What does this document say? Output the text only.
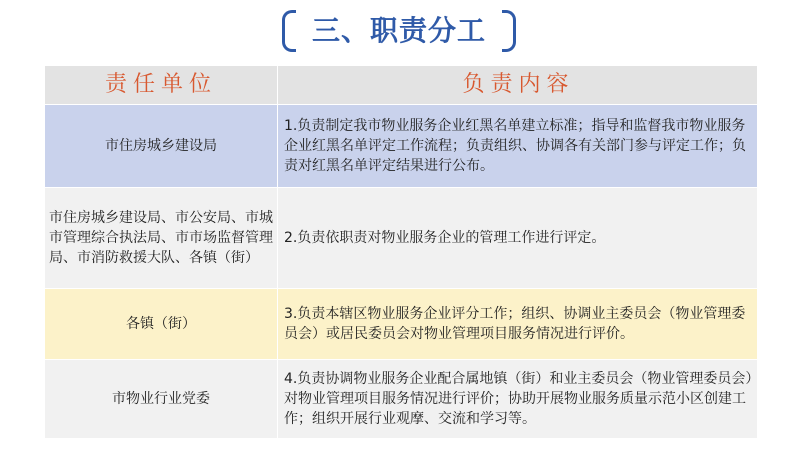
三、职责分工
责任单位	负责内容
市住房城乡建设局
1.负责制定我市物业服务企业红黑名单建立标准；指导和监督我市物业服务企业红黑名单评定工作流程；负责组织、协调各有关部门参与评定工作；负责对红黑名单评定结果进行公布。
市住房城乡建设局、市公安局、市城市管理综合执法局、市市场监督管理局、市消防救援大队、各镇（街）
2.负责依职责对物业服务企业的管理工作进行评定。
各镇（街）
3.负责本辖区物业服务企业评分工作；组织、协调业主委员会（物业管理委员会）或居民委员会对物业管理项目服务情况进行评价。
市物业行业党委
4.负责协调物业服务企业配合属地镇（街）和业主委员会（物业管理委员会）对物业管理项目服务情况进行评价；协助开展物业服务质量示范小区创建工作；组织开展行业观摩、交流和学习等。
